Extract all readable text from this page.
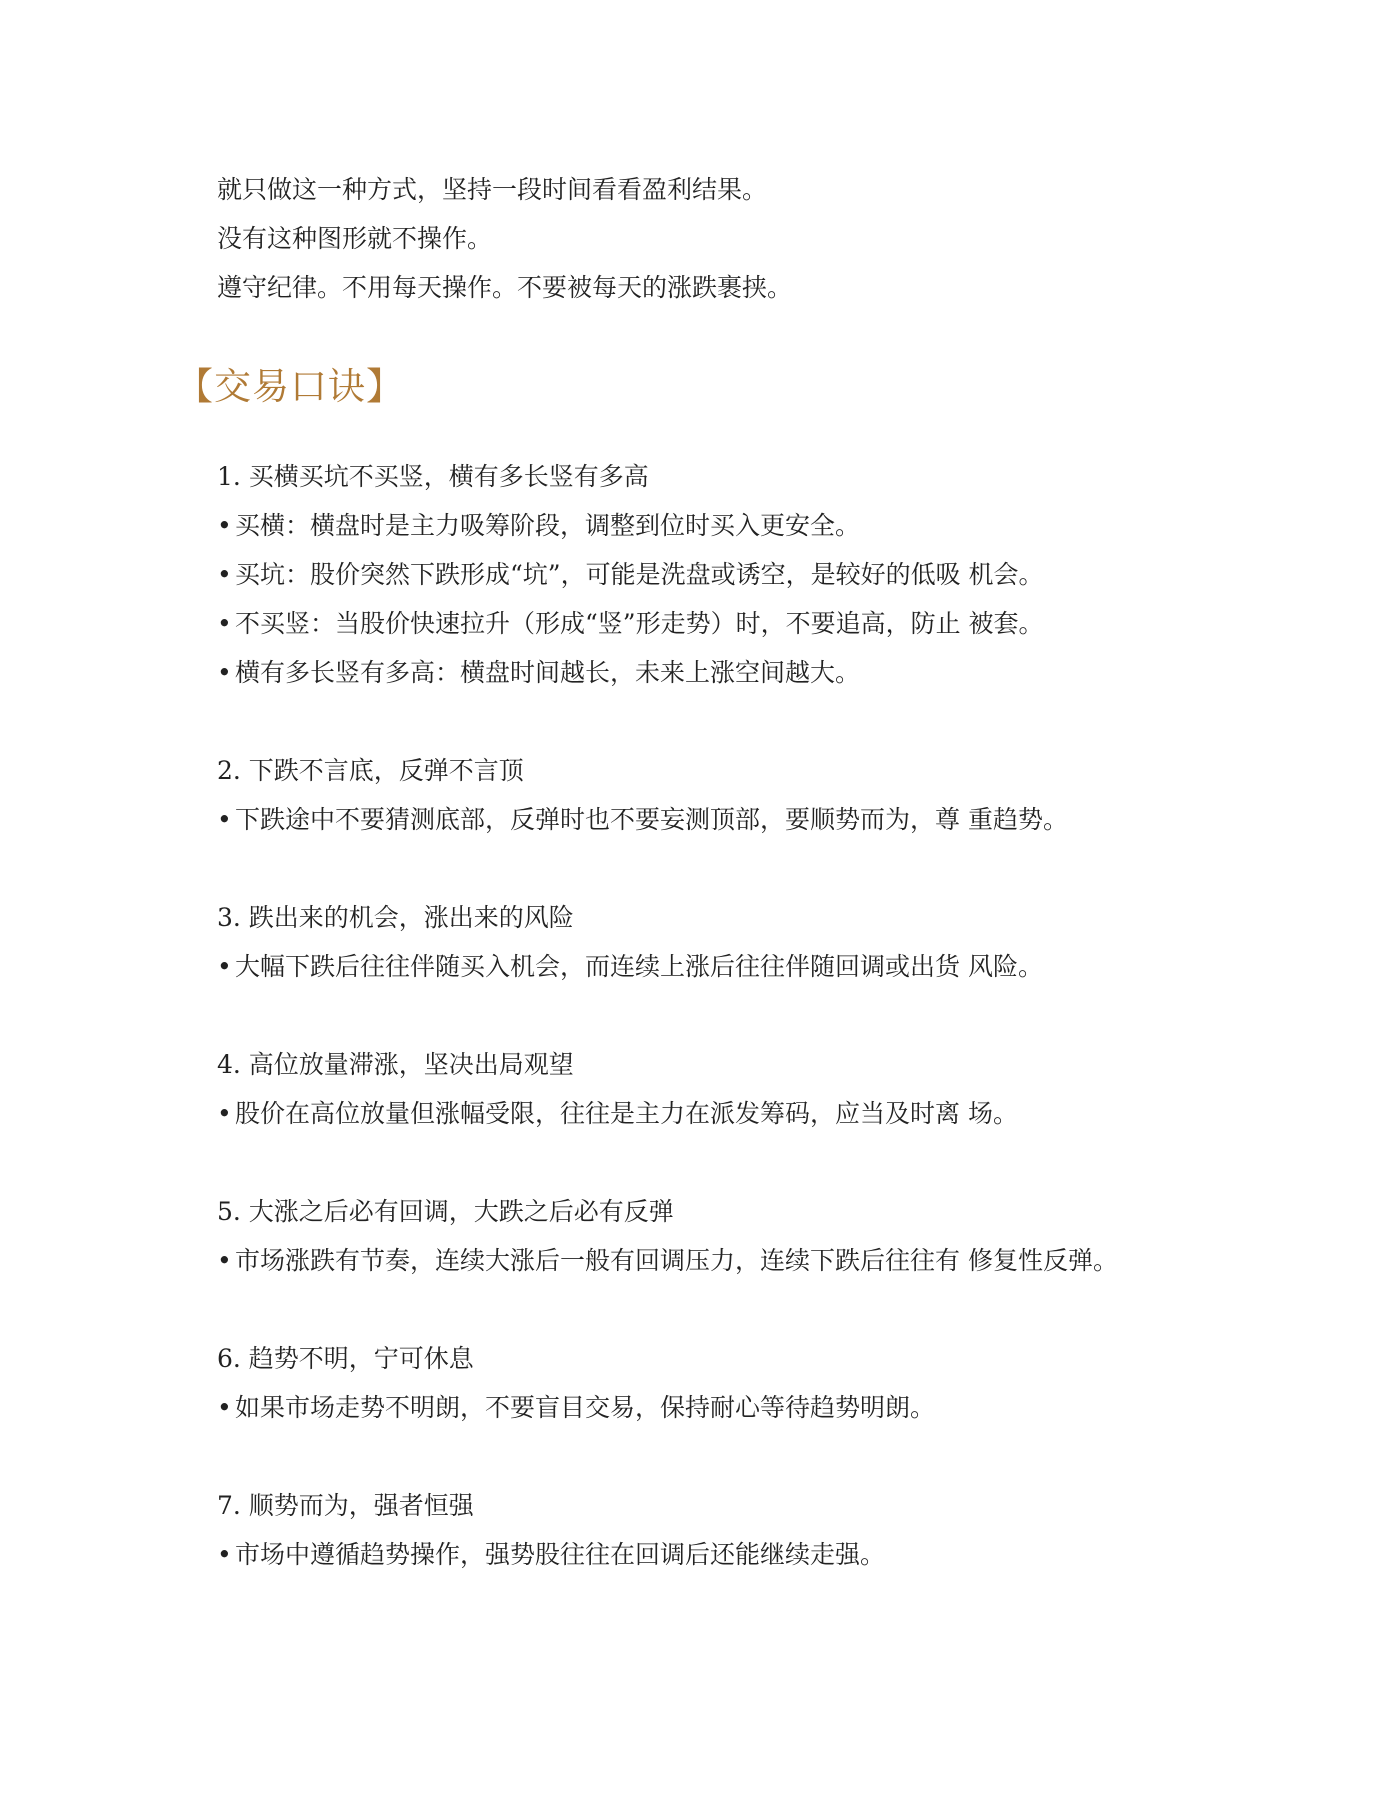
就只做这一种方式，坚持一段时间看看盈利结果。
没有这种图形就不操作。
遵守纪律。不用每天操作。不要被每天的涨跌裹挟。
【交易口诀】
1. 买横买坑不买竖，横有多长竖有多高
• 买横：横盘时是主力吸筹阶段，调整到位时买入更安全。
• 买坑：股价突然下跌形成“坑”，可能是洗盘或诱空，是较好的低吸 机会。
• 不买竖：当股价快速拉升（形成“竖”形走势）时，不要追高，防止 被套。
• 横有多长竖有多高：横盘时间越长，未来上涨空间越大。
2. 下跌不言底，反弹不言顶
• 下跌途中不要猜测底部，反弹时也不要妄测顶部，要顺势而为，尊 重趋势。
3. 跌出来的机会，涨出来的风险
• 大幅下跌后往往伴随买入机会，而连续上涨后往往伴随回调或出货 风险。
4. 高位放量滞涨，坚决出局观望
• 股价在高位放量但涨幅受限，往往是主力在派发筹码，应当及时离 场。
5. 大涨之后必有回调，大跌之后必有反弹
• 市场涨跌有节奏，连续大涨后一般有回调压力，连续下跌后往往有 修复性反弹。
6. 趋势不明，宁可休息
• 如果市场走势不明朗，不要盲目交易，保持耐心等待趋势明朗。
7. 顺势而为，强者恒强
• 市场中遵循趋势操作，强势股往往在回调后还能继续走强。
